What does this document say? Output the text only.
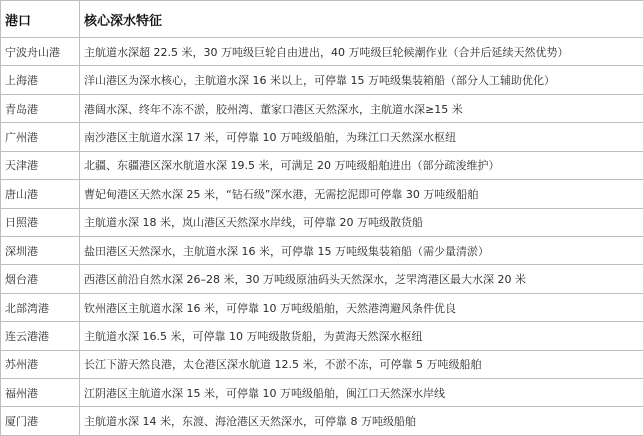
港口	核心深水特征
宁波舟山港	主航道水深超 22.5 米，30 万吨级巨轮自由进出，40 万吨级巨轮候潮作业（合并后延续天然优势）
上海港	洋山港区为深水核心，主航道水深 16 米以上，可停靠 15 万吨级集装箱船（部分人工辅助优化）
青岛港	港阔水深、终年不冻不淤，胶州湾、董家口港区天然深水，主航道水深≥15 米
广州港	南沙港区主航道水深 17 米，可停靠 10 万吨级船舶，为珠江口天然深水枢纽
天津港	北疆、东疆港区深水航道水深 19.5 米，可满足 20 万吨级船舶进出（部分疏浚维护）
唐山港	曹妃甸港区天然水深 25 米，“钻石级”深水港，无需挖泥即可停靠 30 万吨级船舶
日照港	主航道水深 18 米，岚山港区天然深水岸线，可停靠 20 万吨级散货船
深圳港	盐田港区天然深水，主航道水深 16 米，可停靠 15 万吨级集装箱船（需少量清淤）
烟台港	西港区前沿自然水深 26–28 米，30 万吨级原油码头天然深水，芝罘湾港区最大水深 20 米
北部湾港	钦州港区主航道水深 16 米，可停靠 10 万吨级船舶，天然港湾避风条件优良
连云港港	主航道水深 16.5 米，可停靠 10 万吨级散货船，为黄海天然深水枢纽
苏州港	长江下游天然良港，太仓港区深水航道 12.5 米，不淤不冻，可停靠 5 万吨级船舶
福州港	江阴港区主航道水深 15 米，可停靠 10 万吨级船舶，闽江口天然深水岸线
厦门港	主航道水深 14 米，东渡、海沧港区天然深水，可停靠 8 万吨级船舶
